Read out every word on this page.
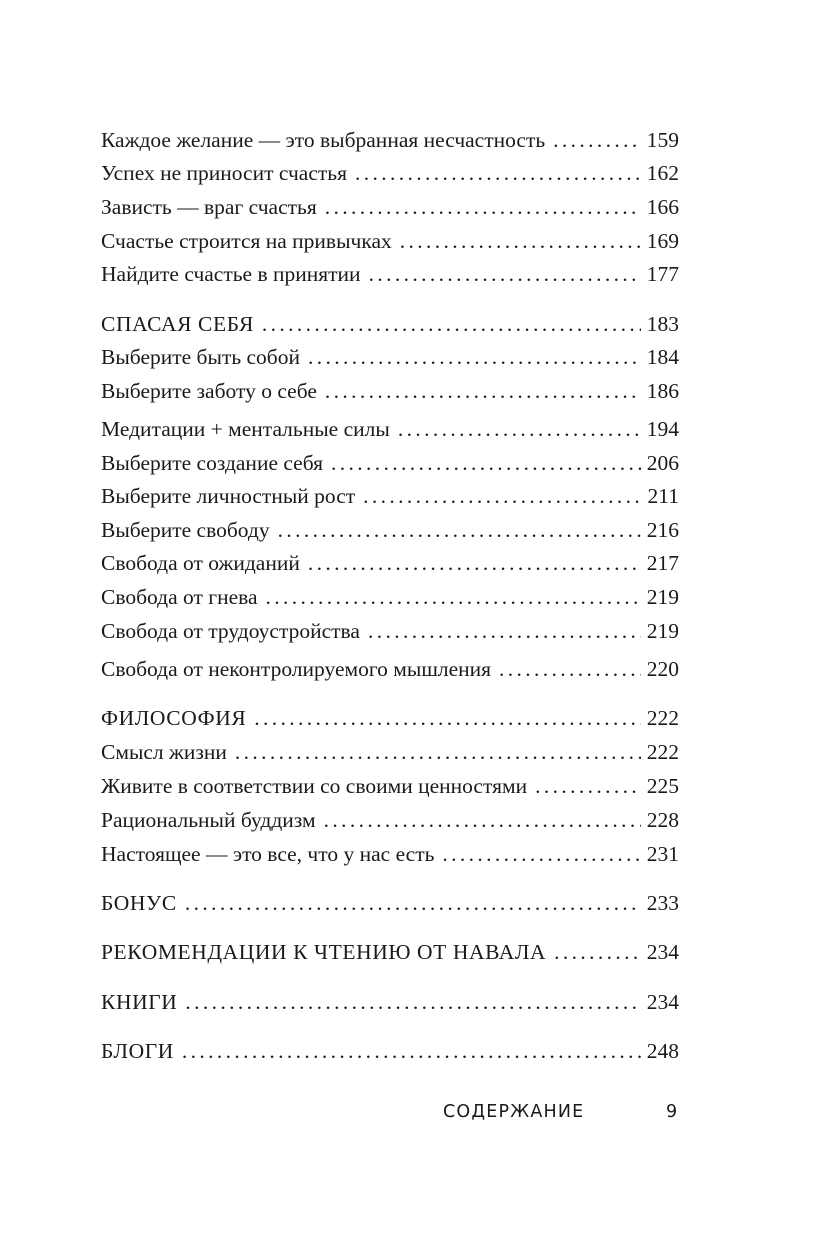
Каждое желание — это выбранная несчастность . . .	159
Успех не приносит счастья . . .	162
Зависть — враг счастья . . .	166
Счастье строится на привычках . . .	169
Найдите счастье в принятии . . .	177
СПАСАЯ СЕБЯ . . .	183
Выберите быть собой . . .	184
Выберите заботу о себе . . .	186
Медитации + ментальные силы . . .	194
Выберите создание себя . . .	206
Выберите личностный рост . . .	211
Выберите свободу . . .	216
Свобода от ожиданий . . .	217
Свобода от гнева . . .	219
Свобода от трудоустройства . . .	219
Свобода от неконтролируемого мышления . . .	220
ФИЛОСОФИЯ . . .	222
Смысл жизни . . .	222
Живите в соответствии со своими ценностями . . .	225
Рациональный буддизм . . .	228
Настоящее — это все, что у нас есть . . .	231
БОНУС . . .	233
РЕКОМЕНДАЦИИ К ЧТЕНИЮ ОТ НАВАЛА . . .	234
КНИГИ . . .	234
БЛОГИ . . .	248
СОДЕРЖАНИЕ	9
